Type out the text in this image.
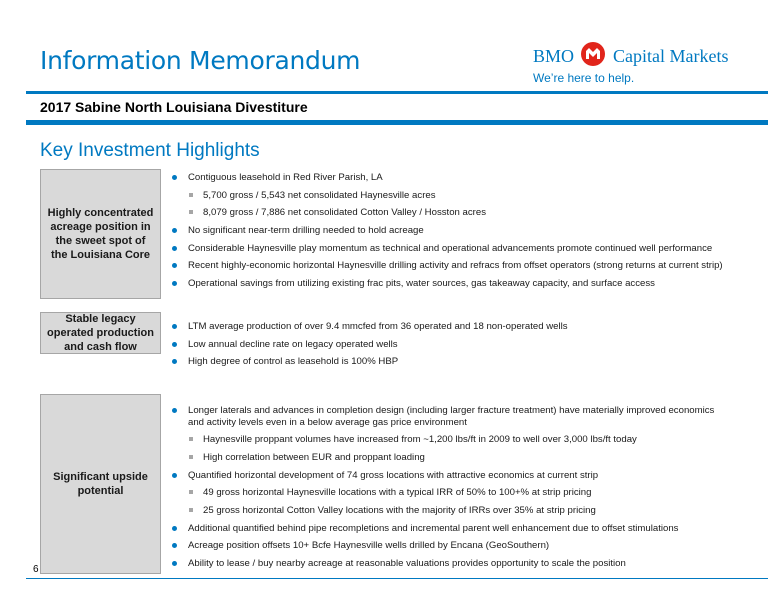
Information Memorandum	BMO Capital Markets
We’re here to help.
2017 Sabine North Louisiana Divestiture
Key Investment Highlights
Highly concentrated acreage position in the sweet spot of the Louisiana Core
Contiguous leasehold in Red River Parish, LA
5,700 gross / 5,543 net consolidated Haynesville acres
8,079 gross / 7,886 net consolidated Cotton Valley / Hosston acres
No significant near-term drilling needed to hold acreage
Considerable Haynesville play momentum as technical and operational advancements promote continued well performance
Recent highly-economic horizontal Haynesville drilling activity and refracs from offset operators (strong returns at current strip)
Operational savings from utilizing existing frac pits, water sources, gas takeaway capacity, and surface access
Stable legacy operated production and cash flow
LTM average production of over 9.4 mmcfed from 36 operated and 18 non-operated wells
Low annual decline rate on legacy operated wells
High degree of control as leasehold is 100% HBP
Significant upside potential
Longer laterals and advances in completion design (including larger fracture treatment) have materially improved economics and activity levels even in a below average gas price environment
Haynesville proppant volumes have increased from ~1,200 lbs/ft in 2009 to well over 3,000 lbs/ft today
High correlation between EUR and proppant loading
Quantified horizontal development of 74 gross locations with attractive economics at current strip
49 gross horizontal Haynesville locations with a typical IRR of 50% to 100+% at strip pricing
25 gross horizontal Cotton Valley locations with the majority of IRRs over 35% at strip pricing
Additional quantified behind pipe recompletions and incremental parent well enhancement due to offset stimulations
Acreage position offsets 10+ Bcfe Haynesville wells drilled by Encana (GeoSouthern)
Ability to lease / buy nearby acreage at reasonable valuations provides opportunity to scale the position
6
